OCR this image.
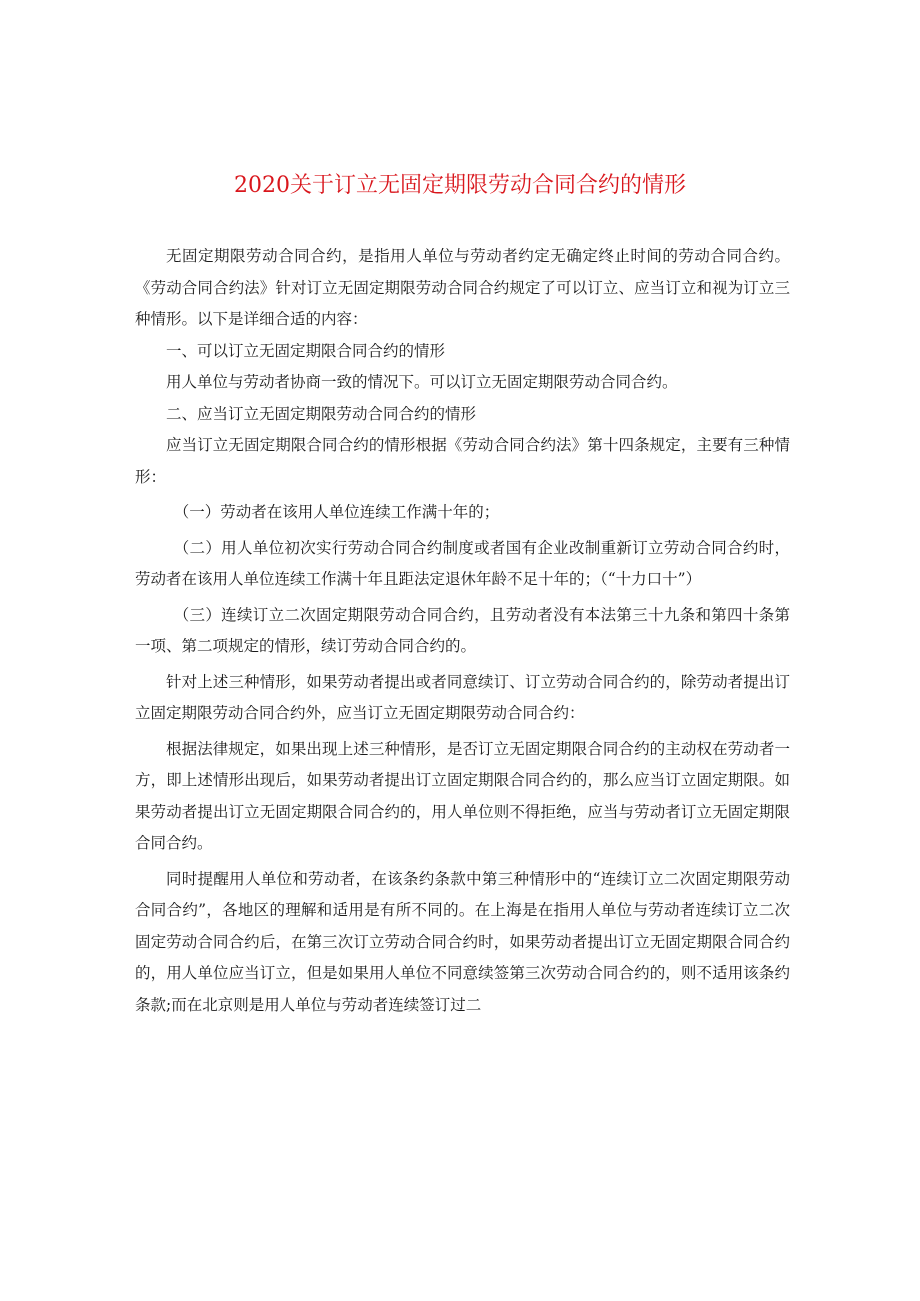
2020关于订立无固定期限劳动合同合约的情形

无固定期限劳动合同合约，是指用人单位与劳动者约定无确定终止时间的劳动合同合约。《劳动合同合约法》针对订立无固定期限劳动合同合约规定了可以订立、应当订立和视为订立三种情形。以下是详细合适的内容：

一、可以订立无固定期限合同合约的情形

用人单位与劳动者协商一致的情况下。可以订立无固定期限劳动合同合约。

二、应当订立无固定期限劳动合同合约的情形

应当订立无固定期限合同合约的情形根据《劳动合同合约法》第十四条规定，主要有三种情形：

（一）劳动者在该用人单位连续工作满十年的；

（二）用人单位初次实行劳动合同合约制度或者国有企业改制重新订立劳动合同合约时，劳动者在该用人单位连续工作满十年且距法定退休年龄不足十年的；（“十力口十”）

（三）连续订立二次固定期限劳动合同合约，且劳动者没有本法第三十九条和第四十条第一项、第二项规定的情形，续订劳动合同合约的。

针对上述三种情形，如果劳动者提出或者同意续订、订立劳动合同合约的，除劳动者提出订立固定期限劳动合同合约外，应当订立无固定期限劳动合同合约：

根据法律规定，如果出现上述三种情形，是否订立无固定期限合同合约的主动权在劳动者一方，即上述情形出现后，如果劳动者提出订立固定期限合同合约的，那么应当订立固定期限。如果劳动者提出订立无固定期限合同合约的，用人单位则不得拒绝，应当与劳动者订立无固定期限合同合约。

同时提醒用人单位和劳动者，在该条约条款中第三种情形中的“连续订立二次固定期限劳动合同合约”，各地区的理解和适用是有所不同的。在上海是在指用人单位与劳动者连续订立二次固定劳动合同合约后，在第三次订立劳动合同合约时，如果劳动者提出订立无固定期限合同合约的，用人单位应当订立，但是如果用人单位不同意续签第三次劳动合同合约的，则不适用该条约条款;而在北京则是用人单位与劳动者连续签订过二
